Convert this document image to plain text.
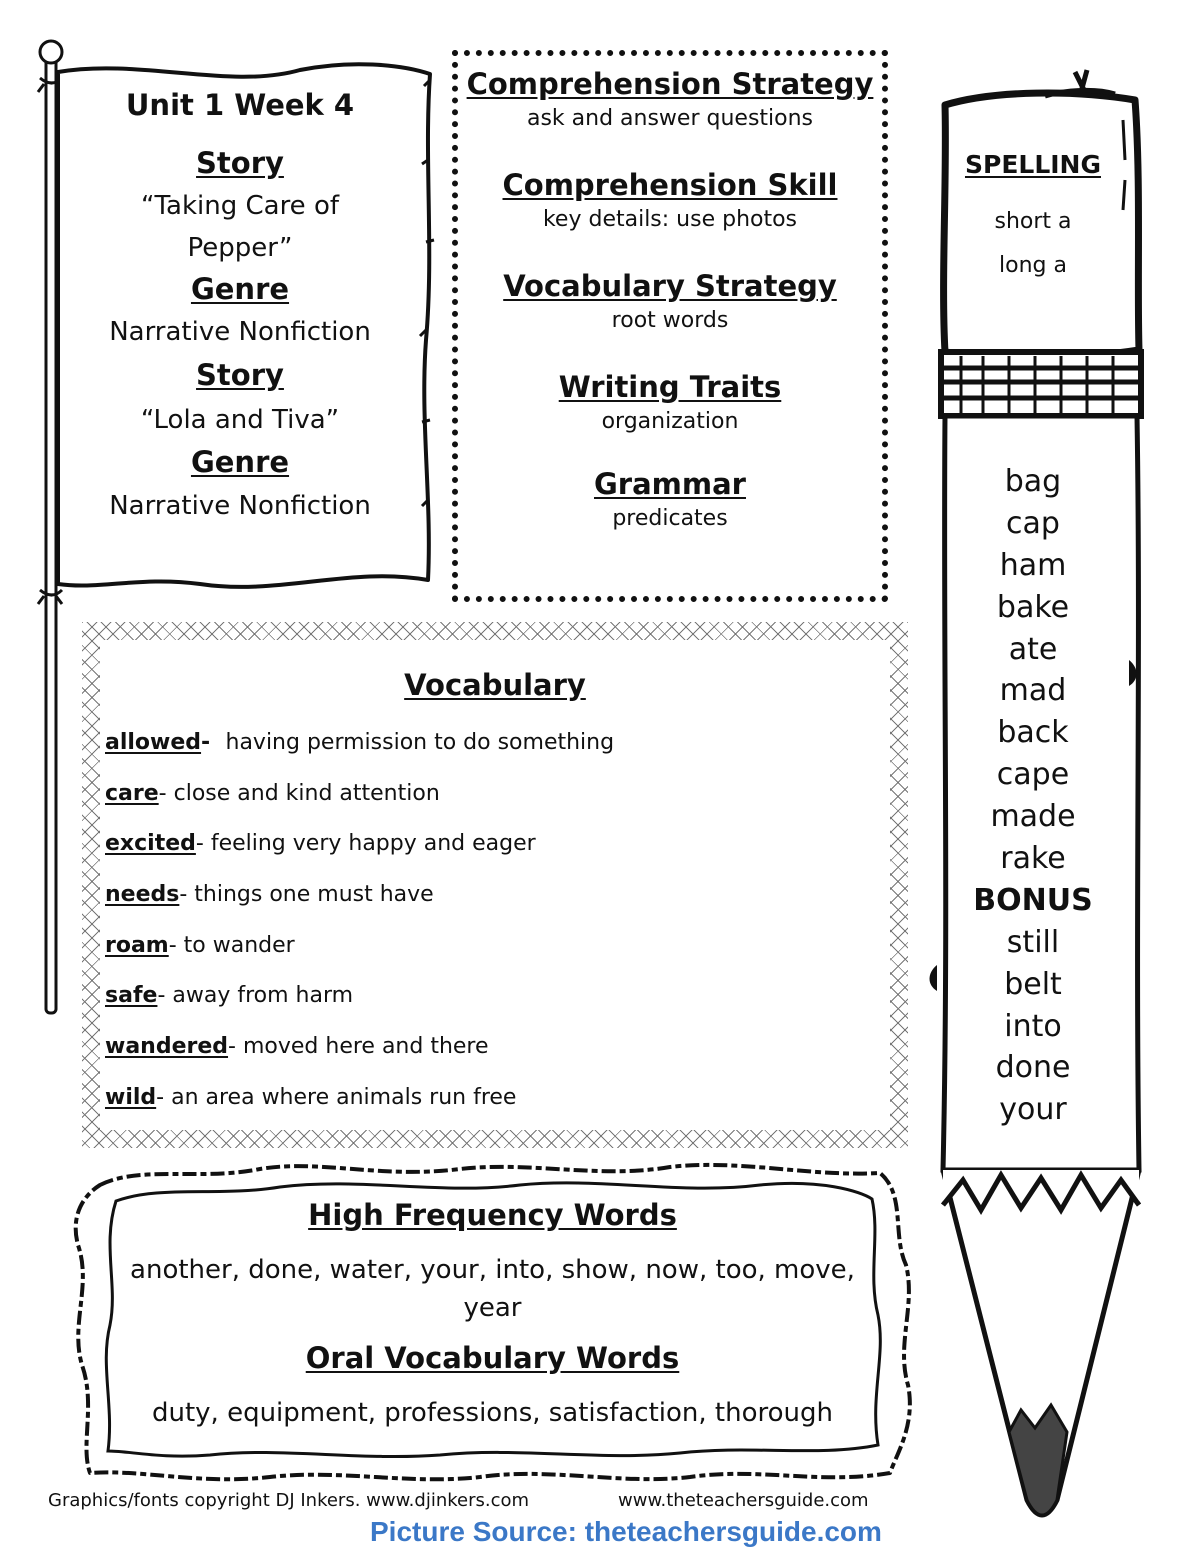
Unit 1 Week 4
Story
“Taking Care of
Pepper”
Genre
Narrative Nonfiction
Story
“Lola and Tiva”
Genre
Narrative Nonfiction
Comprehension Strategy
ask and answer questions
Comprehension Skill
key details: use photos
Vocabulary Strategy
root words
Writing Traits
organization
Grammar
predicates
Vocabulary
allowed-  having permission to do something
care- close and kind attention
excited- feeling very happy and eager
needs- things one must have
roam- to wander
safe- away from harm
wandered- moved here and there
wild- an area where animals run free
High Frequency Words
another, done, water, your, into, show, now, too, move, year
Oral Vocabulary Words
duty, equipment, professions, satisfaction, thorough
SPELLING
short a
long a
bag
cap
ham
bake
ate
mad
back
cape
made
rake
BONUS
still
belt
into
done
your
Graphics/fonts copyright DJ Inkers. www.djinkers.com	www.theteachersguide.com
Picture Source: theteachersguide.com
